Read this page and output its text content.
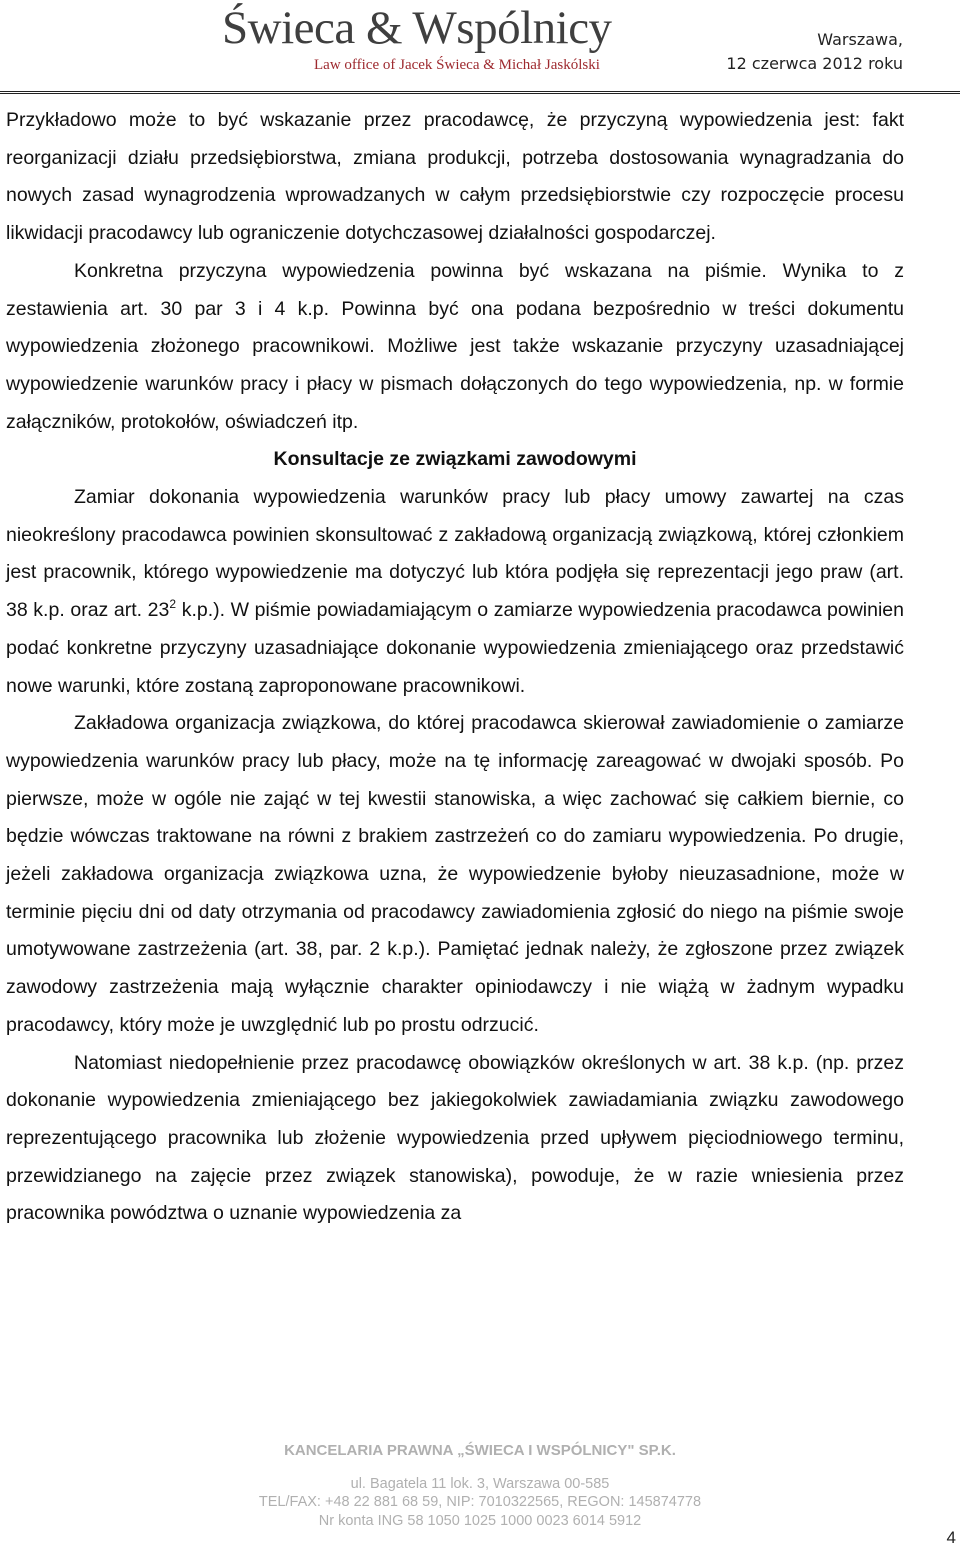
Świeca & Wspólnicy
Law office of Jacek Świeca & Michał Jaskólski
Warszawa,
12 czerwca 2012 roku

Przykładowo może to być wskazanie przez pracodawcę, że przyczyną wypowiedzenia jest: fakt reorganizacji działu przedsiębiorstwa, zmiana produkcji, potrzeba dostosowania wynagradzania do nowych zasad wynagrodzenia wprowadzanych w całym przedsiębiorstwie czy rozpoczęcie procesu likwidacji pracodawcy lub ograniczenie dotychczasowej działalności gospodarczej.

Konkretna przyczyna wypowiedzenia powinna być wskazana na piśmie. Wynika to z zestawienia art. 30 par 3 i 4 k.p. Powinna być ona podana bezpośrednio w treści dokumentu wypowiedzenia złożonego pracownikowi. Możliwe jest także wskazanie przyczyny uzasadniającej wypowiedzenie warunków pracy i płacy w pismach dołączonych do tego wypowiedzenia, np. w formie załączników, protokołów, oświadczeń itp.

Konsultacje ze związkami zawodowymi

Zamiar dokonania wypowiedzenia warunków pracy lub płacy umowy zawartej na czas nieokreślony pracodawca powinien skonsultować z zakładową organizacją związkową, której członkiem jest pracownik, którego wypowiedzenie ma dotyczyć lub która podjęła się reprezentacji jego praw (art. 38 k.p. oraz art. $23^2$ k.p.). W piśmie powiadamiającym o zamiarze wypowiedzenia pracodawca powinien podać konkretne przyczyny uzasadniające dokonanie wypowiedzenia zmieniającego oraz przedstawić nowe warunki, które zostaną zaproponowane pracownikowi.

Zakładowa organizacja związkowa, do której pracodawca skierował zawiadomienie o zamiarze wypowiedzenia warunków pracy lub płacy, może na tę informację zareagować w dwojaki sposób. Po pierwsze, może w ogóle nie zająć w tej kwestii stanowiska, a więc zachować się całkiem biernie, co będzie wówczas traktowane na równi z brakiem zastrzeżeń co do zamiaru wypowiedzenia. Po drugie, jeżeli zakładowa organizacja związkowa uzna, że wypowiedzenie byłoby nieuzasadnione, może w terminie pięciu dni od daty otrzymania od pracodawcy zawiadomienia zgłosić do niego na piśmie swoje umotywowane zastrzeżenia (art. 38, par. 2 k.p.). Pamiętać jednak należy, że zgłoszone przez związek zawodowy zastrzeżenia mają wyłącznie charakter opiniodawczy i nie wiążą w żadnym wypadku pracodawcy, który może je uwzględnić lub po prostu odrzucić.

Natomiast niedopełnienie przez pracodawcę obowiązków określonych w art. 38 k.p. (np. przez dokonanie wypowiedzenia zmieniającego bez jakiegokolwiek zawiadamiania związku zawodowego reprezentującego pracownika lub złożenie wypowiedzenia przed upływem pięciodniowego terminu, przewidzianego na zajęcie przez związek stanowiska), powoduje, że w razie wniesienia przez pracownika powództwa o uznanie wypowiedzenia za

KANCELARIA PRAWNA „ŚWIECA I WSPÓLNICY" SP.K.
ul. Bagatela 11 lok. 3, Warszawa 00-585
TEL/FAX: +48 22 881 68 59, NIP: 7010322565, REGON: 145874778
Nr konta ING 58 1050 1025 1000 0023 6014 5912
4
